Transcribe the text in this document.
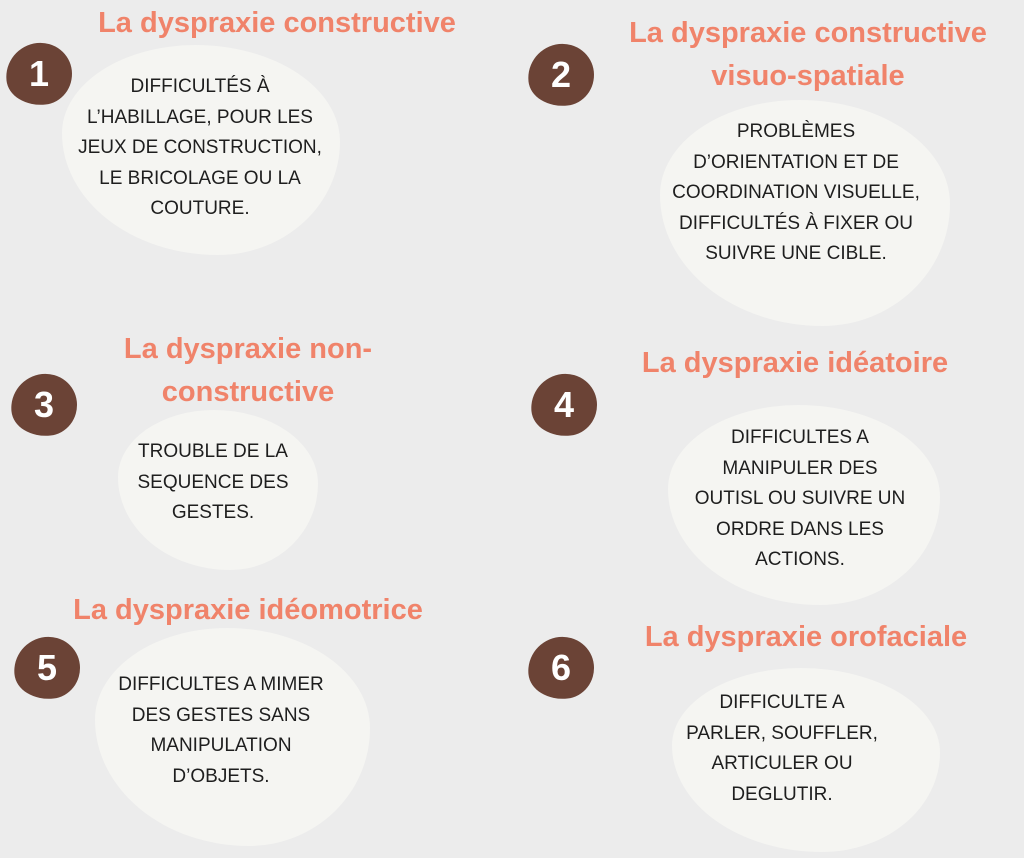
La dyspraxie constructive	La dyspraxie constructive
visuo-spatiale
La dyspraxie non-
constructive
La dyspraxie idéatoire
La dyspraxie idéomotrice
La dyspraxie orofaciale
1	2
3	4
5	6
DIFFICULTÉS À
L’HABILLAGE, POUR LES
JEUX DE CONSTRUCTION,
LE BRICOLAGE OU LA
COUTURE.
PROBLÈMES
D’ORIENTATION ET DE
COORDINATION VISUELLE,
DIFFICULTÉS À FIXER OU
SUIVRE UNE CIBLE.
TROUBLE DE LA
SEQUENCE DES
GESTES.
DIFFICULTES A
MANIPULER DES
OUTISL OU SUIVRE UN
ORDRE DANS LES
ACTIONS.
DIFFICULTES A MIMER
DES GESTES SANS
MANIPULATION
D’OBJETS.
DIFFICULTE A
PARLER, SOUFFLER,
ARTICULER OU
DEGLUTIR.
